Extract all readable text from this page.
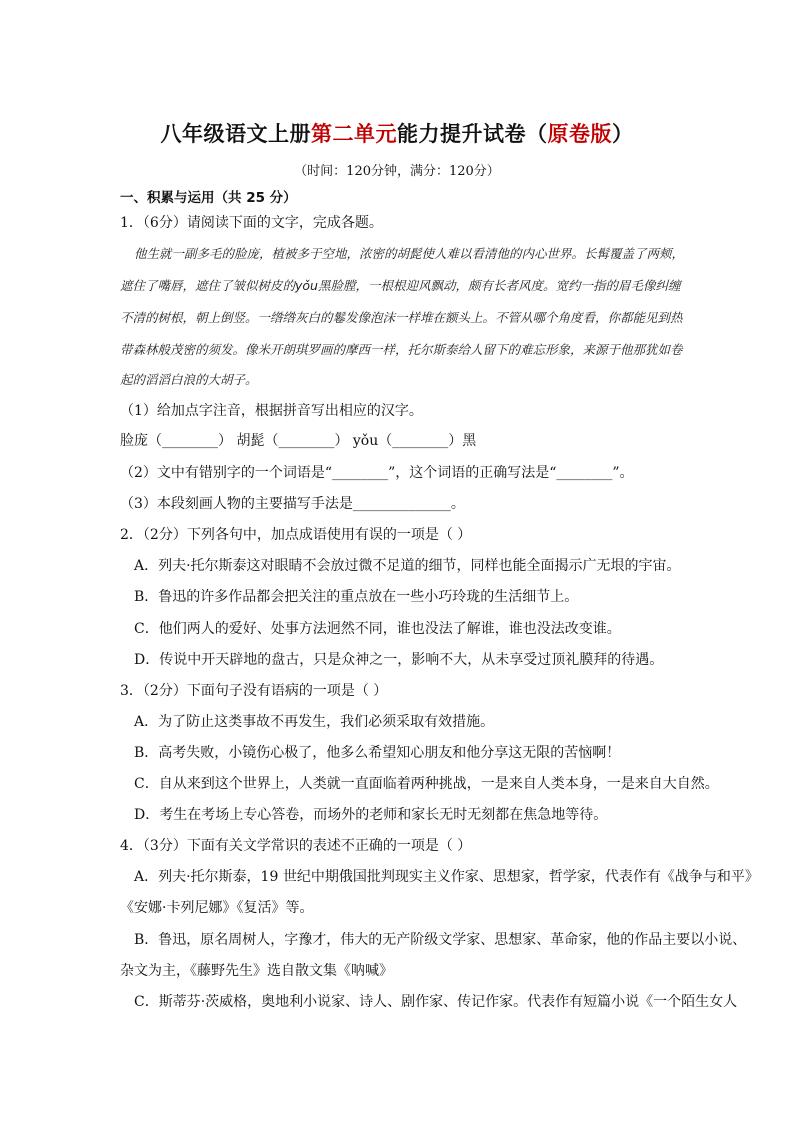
八年级语文上册第二单元能力提升试卷（原卷版）
（时间：120分钟，满分：120分）
一、积累与运用（共 25 分）
1．（6分）请阅读下面的文字，完成各题。
他生就一副多毛的脸庞，植被多于空地，浓密的胡髭使人难以看清他的内心世界。长髯覆盖了两颊，
遮住了嘴唇，遮住了皱似树皮的yǒu黑脸膛，一根根迎风飘动，颇有长者风度。宽约一指的眉毛像纠缠
不清的树根，朝上倒竖。一绺绺灰白的鬈发像泡沫一样堆在额头上。不管从哪个角度看，你都能见到热
带森林般茂密的须发。像米开朗琪罗画的摩西一样，托尔斯泰给人留下的难忘形象，来源于他那犹如卷
起的滔滔白浪的大胡子。
（1）给加点字注音，根据拼音写出相应的汉字。
脸庞（________） 胡髭（________） yǒu（________）黑
（2）文中有错别字的一个词语是“________”，这个词语的正确写法是“________”。
（3）本段刻画人物的主要描写手法是______________。
2．（2分）下列各句中，加点成语使用有误的一项是（ ）
A．列夫·托尔斯泰这对眼睛不会放过微不足道的细节，同样也能全面揭示广无垠的宇宙。
B．鲁迅的许多作品都会把关注的重点放在一些小巧玲珑的生活细节上。
C．他们两人的爱好、处事方法迥然不同，谁也没法了解谁，谁也没法改变谁。
D．传说中开天辟地的盘古，只是众神之一，影响不大，从未享受过顶礼膜拜的待遇。
3．（2分）下面句子没有语病的一项是（ ）
A．为了防止这类事故不再发生，我们必须采取有效措施。
B．高考失败，小镜伤心极了，他多么希望知心朋友和他分享这无限的苦恼啊！
C．自从来到这个世界上，人类就一直面临着两种挑战，一是来自人类本身，一是来自大自然。
D．考生在考场上专心答卷，而场外的老师和家长无时无刻都在焦急地等待。
4．（3分）下面有关文学常识的表述不正确的一项是（ ）
A．列夫·托尔斯泰，19 世纪中期俄国批判现实主义作家、思想家，哲学家，代表作有《战争与和平》
《安娜·卡列尼娜》《复活》等。
B．鲁迅，原名周树人，字豫才，伟大的无产阶级文学家、思想家、革命家，他的作品主要以小说、
杂文为主，《藤野先生》选自散文集《呐喊》
C．斯蒂芬·茨威格，奥地利小说家、诗人、剧作家、传记作家。代表作有短篇小说《一个陌生女人
